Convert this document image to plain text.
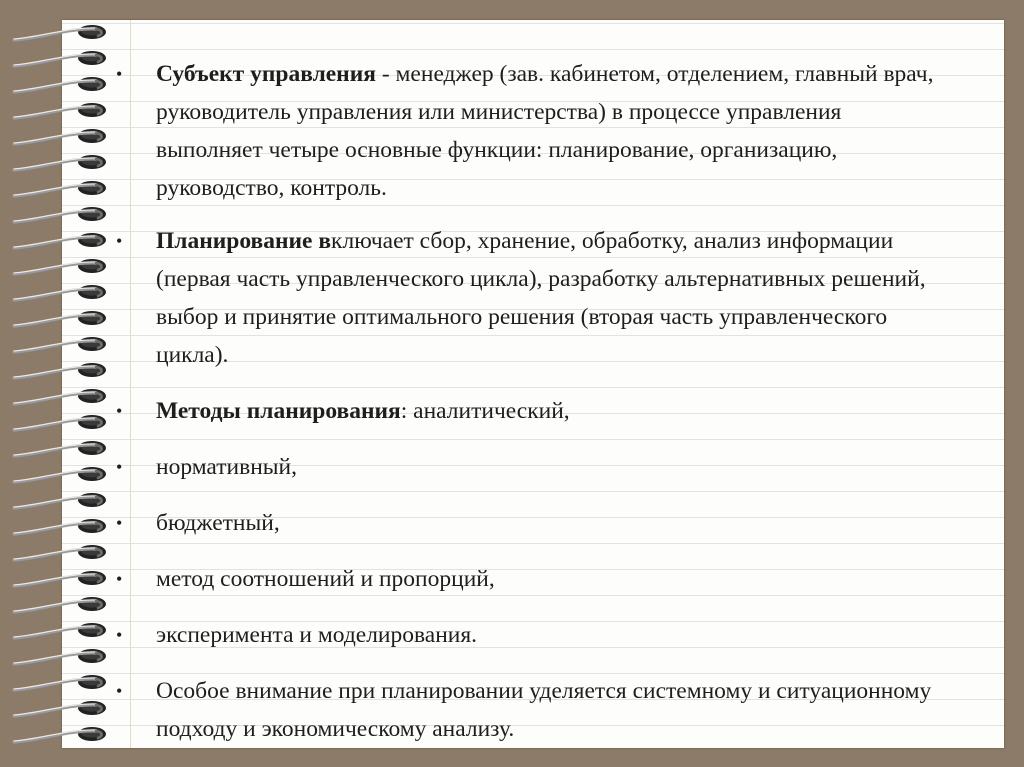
• Субъект управления - менеджер (зав. кабинетом, отделением, главный врач, руководитель управления или министерства) в процессе управления выполняет четыре основные функции: планирование, организацию, руководство, контроль.
• Планирование включает сбор, хранение, обработку, анализ информации (первая часть управленческого цикла), разработку альтернативных решений, выбор и принятие оптимального решения (вторая часть управленческого цикла).
• Методы планирования: аналитический,
• нормативный,
• бюджетный,
• метод соотношений и пропорций,
• эксперимента и моделирования.
• Особое внимание при планировании уделяется системному и ситуационному подходу и экономическому анализу.
